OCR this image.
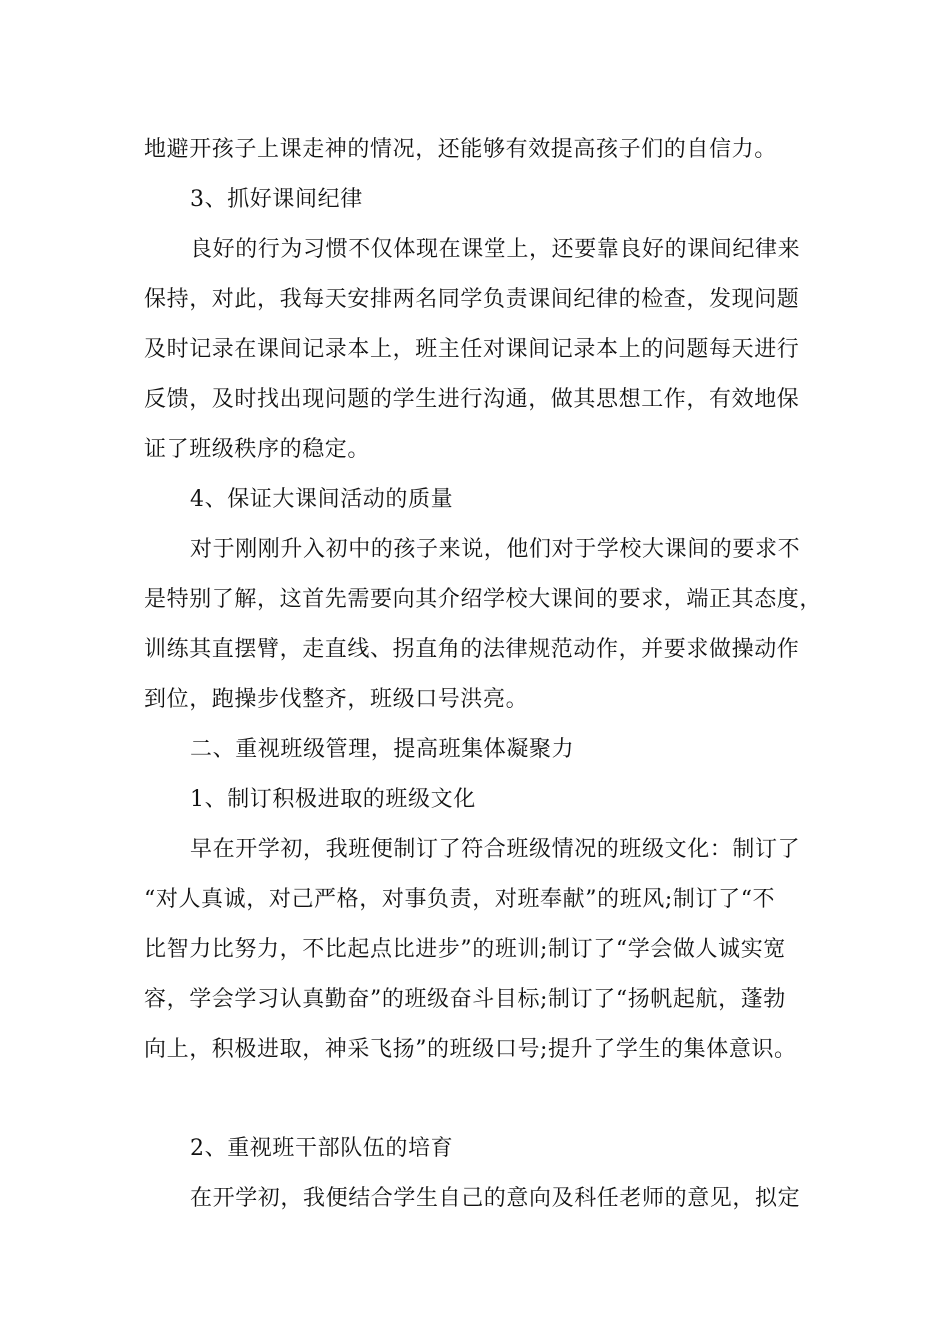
地避开孩子上课走神的情况，还能够有效提高孩子们的自信力。
3、抓好课间纪律
良好的行为习惯不仅体现在课堂上，还要靠良好的课间纪律来
保持，对此，我每天安排两名同学负责课间纪律的检查，发现问题
及时记录在课间记录本上，班主任对课间记录本上的问题每天进行
反馈，及时找出现问题的学生进行沟通，做其思想工作，有效地保
证了班级秩序的稳定。
4、保证大课间活动的质量
对于刚刚升入初中的孩子来说，他们对于学校大课间的要求不
是特别了解，这首先需要向其介绍学校大课间的要求，端正其态度，
训练其直摆臂，走直线、拐直角的法律规范动作，并要求做操动作
到位，跑操步伐整齐，班级口号洪亮。
二、重视班级管理，提高班集体凝聚力
1、制订积极进取的班级文化
早在开学初，我班便制订了符合班级情况的班级文化：制订了
“对人真诚，对己严格，对事负责，对班奉献”的班风;制订了“不
比智力比努力，不比起点比进步”的班训;制订了“学会做人诚实宽
容，学会学习认真勤奋”的班级奋斗目标;制订了“扬帆起航，蓬勃
向上，积极进取，神采飞扬”的班级口号;提升了学生的集体意识。
2、重视班干部队伍的培育
在开学初，我便结合学生自己的意向及科任老师的意见，拟定
